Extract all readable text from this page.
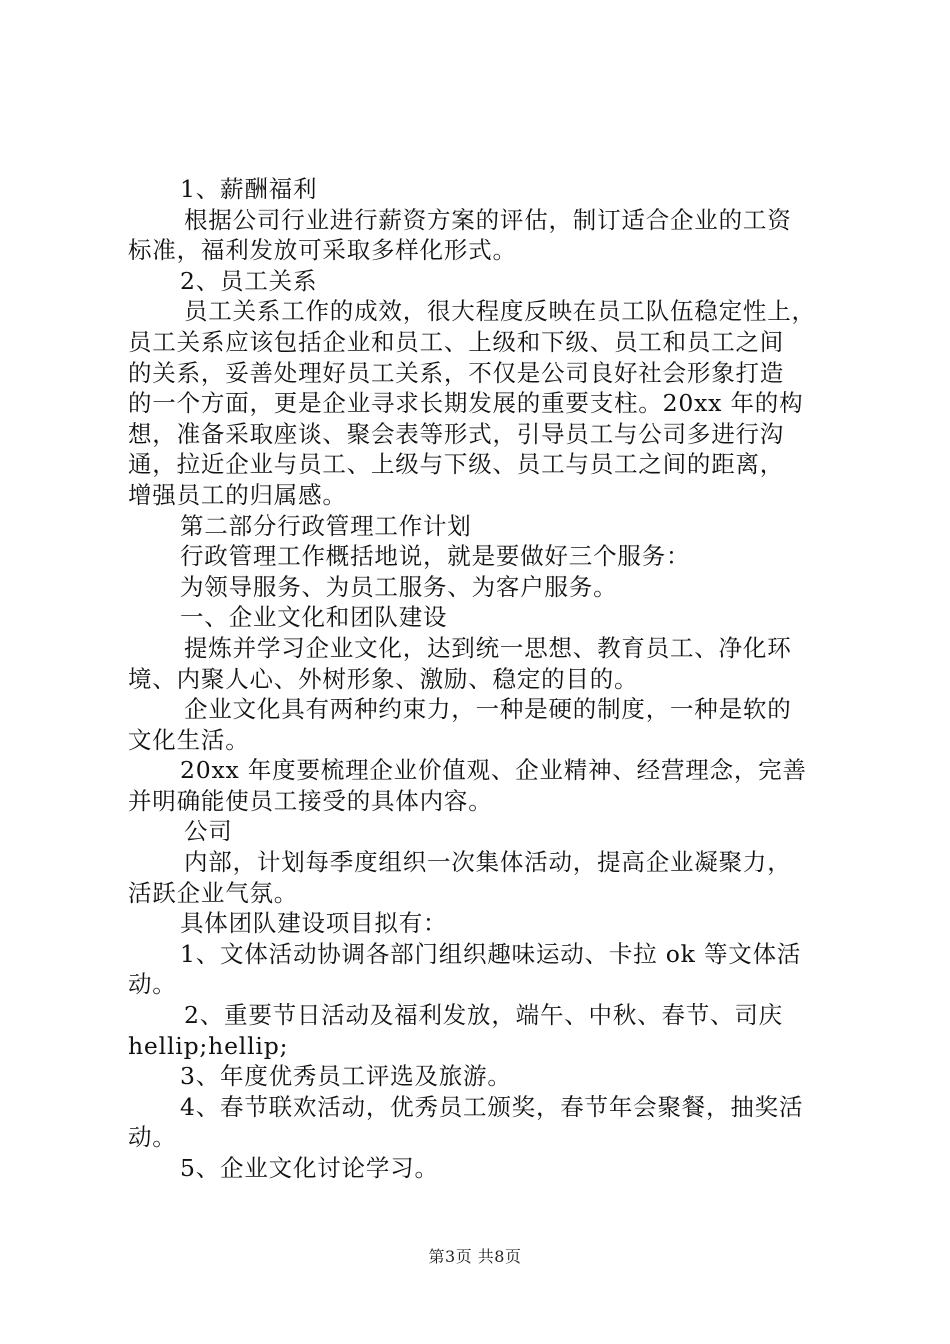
1、薪酬福利
根据公司行业进行薪资方案的评估，制订适合企业的工资
标准，福利发放可采取多样化形式。
2、员工关系
员工关系工作的成效，很大程度反映在员工队伍稳定性上，
员工关系应该包括企业和员工、上级和下级、员工和员工之间
的关系，妥善处理好员工关系，不仅是公司良好社会形象打造
的一个方面，更是企业寻求长期发展的重要支柱。20xx 年的构
想，准备采取座谈、聚会表等形式，引导员工与公司多进行沟
通，拉近企业与员工、上级与下级、员工与员工之间的距离，
增强员工的归属感。
第二部分行政管理工作计划
行政管理工作概括地说，就是要做好三个服务：
为领导服务、为员工服务、为客户服务。
一、企业文化和团队建设
提炼并学习企业文化，达到统一思想、教育员工、净化环
境、内聚人心、外树形象、激励、稳定的目的。
企业文化具有两种约束力，一种是硬的制度，一种是软的
文化生活。
20xx 年度要梳理企业价值观、企业精神、经营理念，完善
并明确能使员工接受的具体内容。
公司
内部，计划每季度组织一次集体活动，提高企业凝聚力，
活跃企业气氛。
具体团队建设项目拟有：
1、文体活动协调各部门组织趣味运动、卡拉 ok 等文体活
动。
2、重要节日活动及福利发放，端午、中秋、春节、司庆
hellip;hellip;
3、年度优秀员工评选及旅游。
4、春节联欢活动，优秀员工颁奖，春节年会聚餐，抽奖活
动。
5、企业文化讨论学习。
第3页 共8页
